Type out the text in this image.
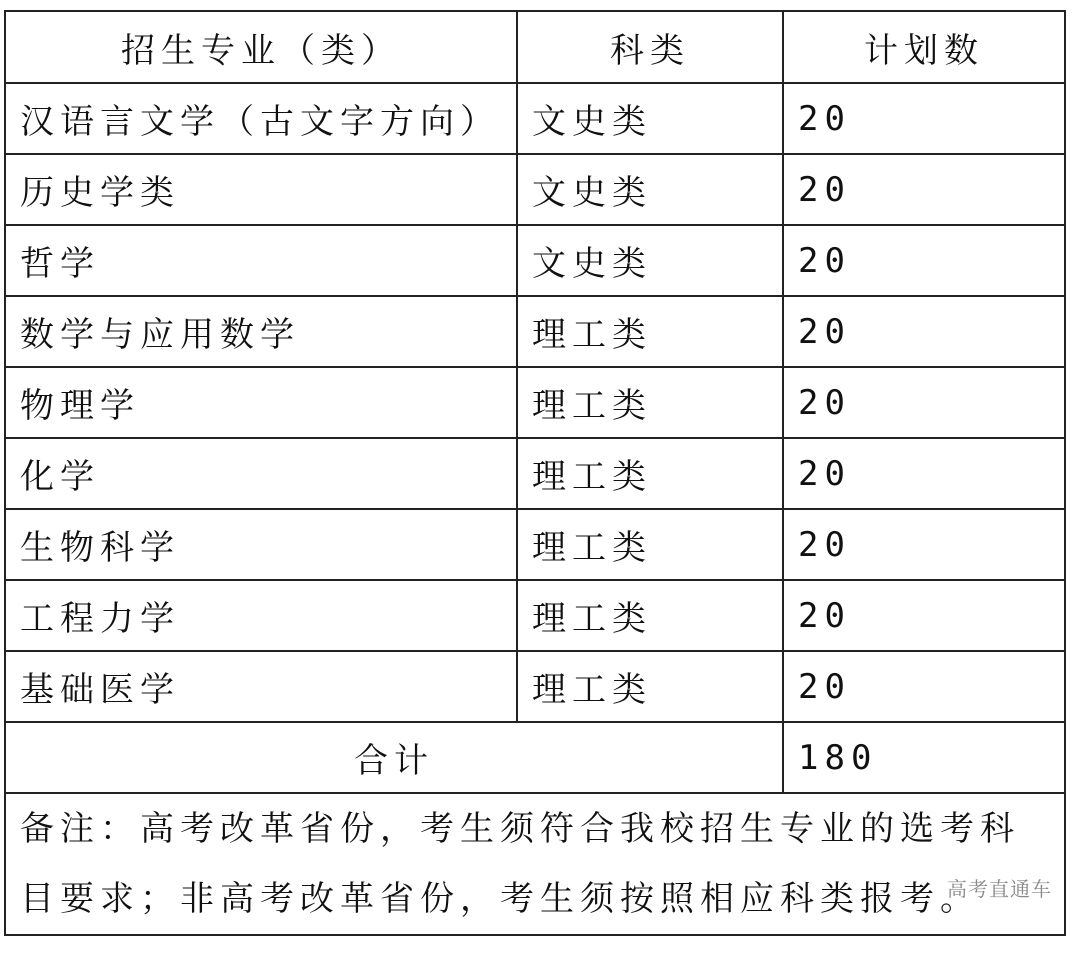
招生专业（类）	科类	计划数
汉语言文学（古文字方向）	文史类	20
历史学类	文史类	20
哲学	文史类	20
数学与应用数学	理工类	20
物理学	理工类	20
化学	理工类	20
生物科学	理工类	20
工程力学	理工类	20
基础医学	理工类	20
合计		180
备注：高考改革省份，考生须符合我校招生专业的选考科目要求；非高考改革省份，考生须按照相应科类报考。
高考直通车		
